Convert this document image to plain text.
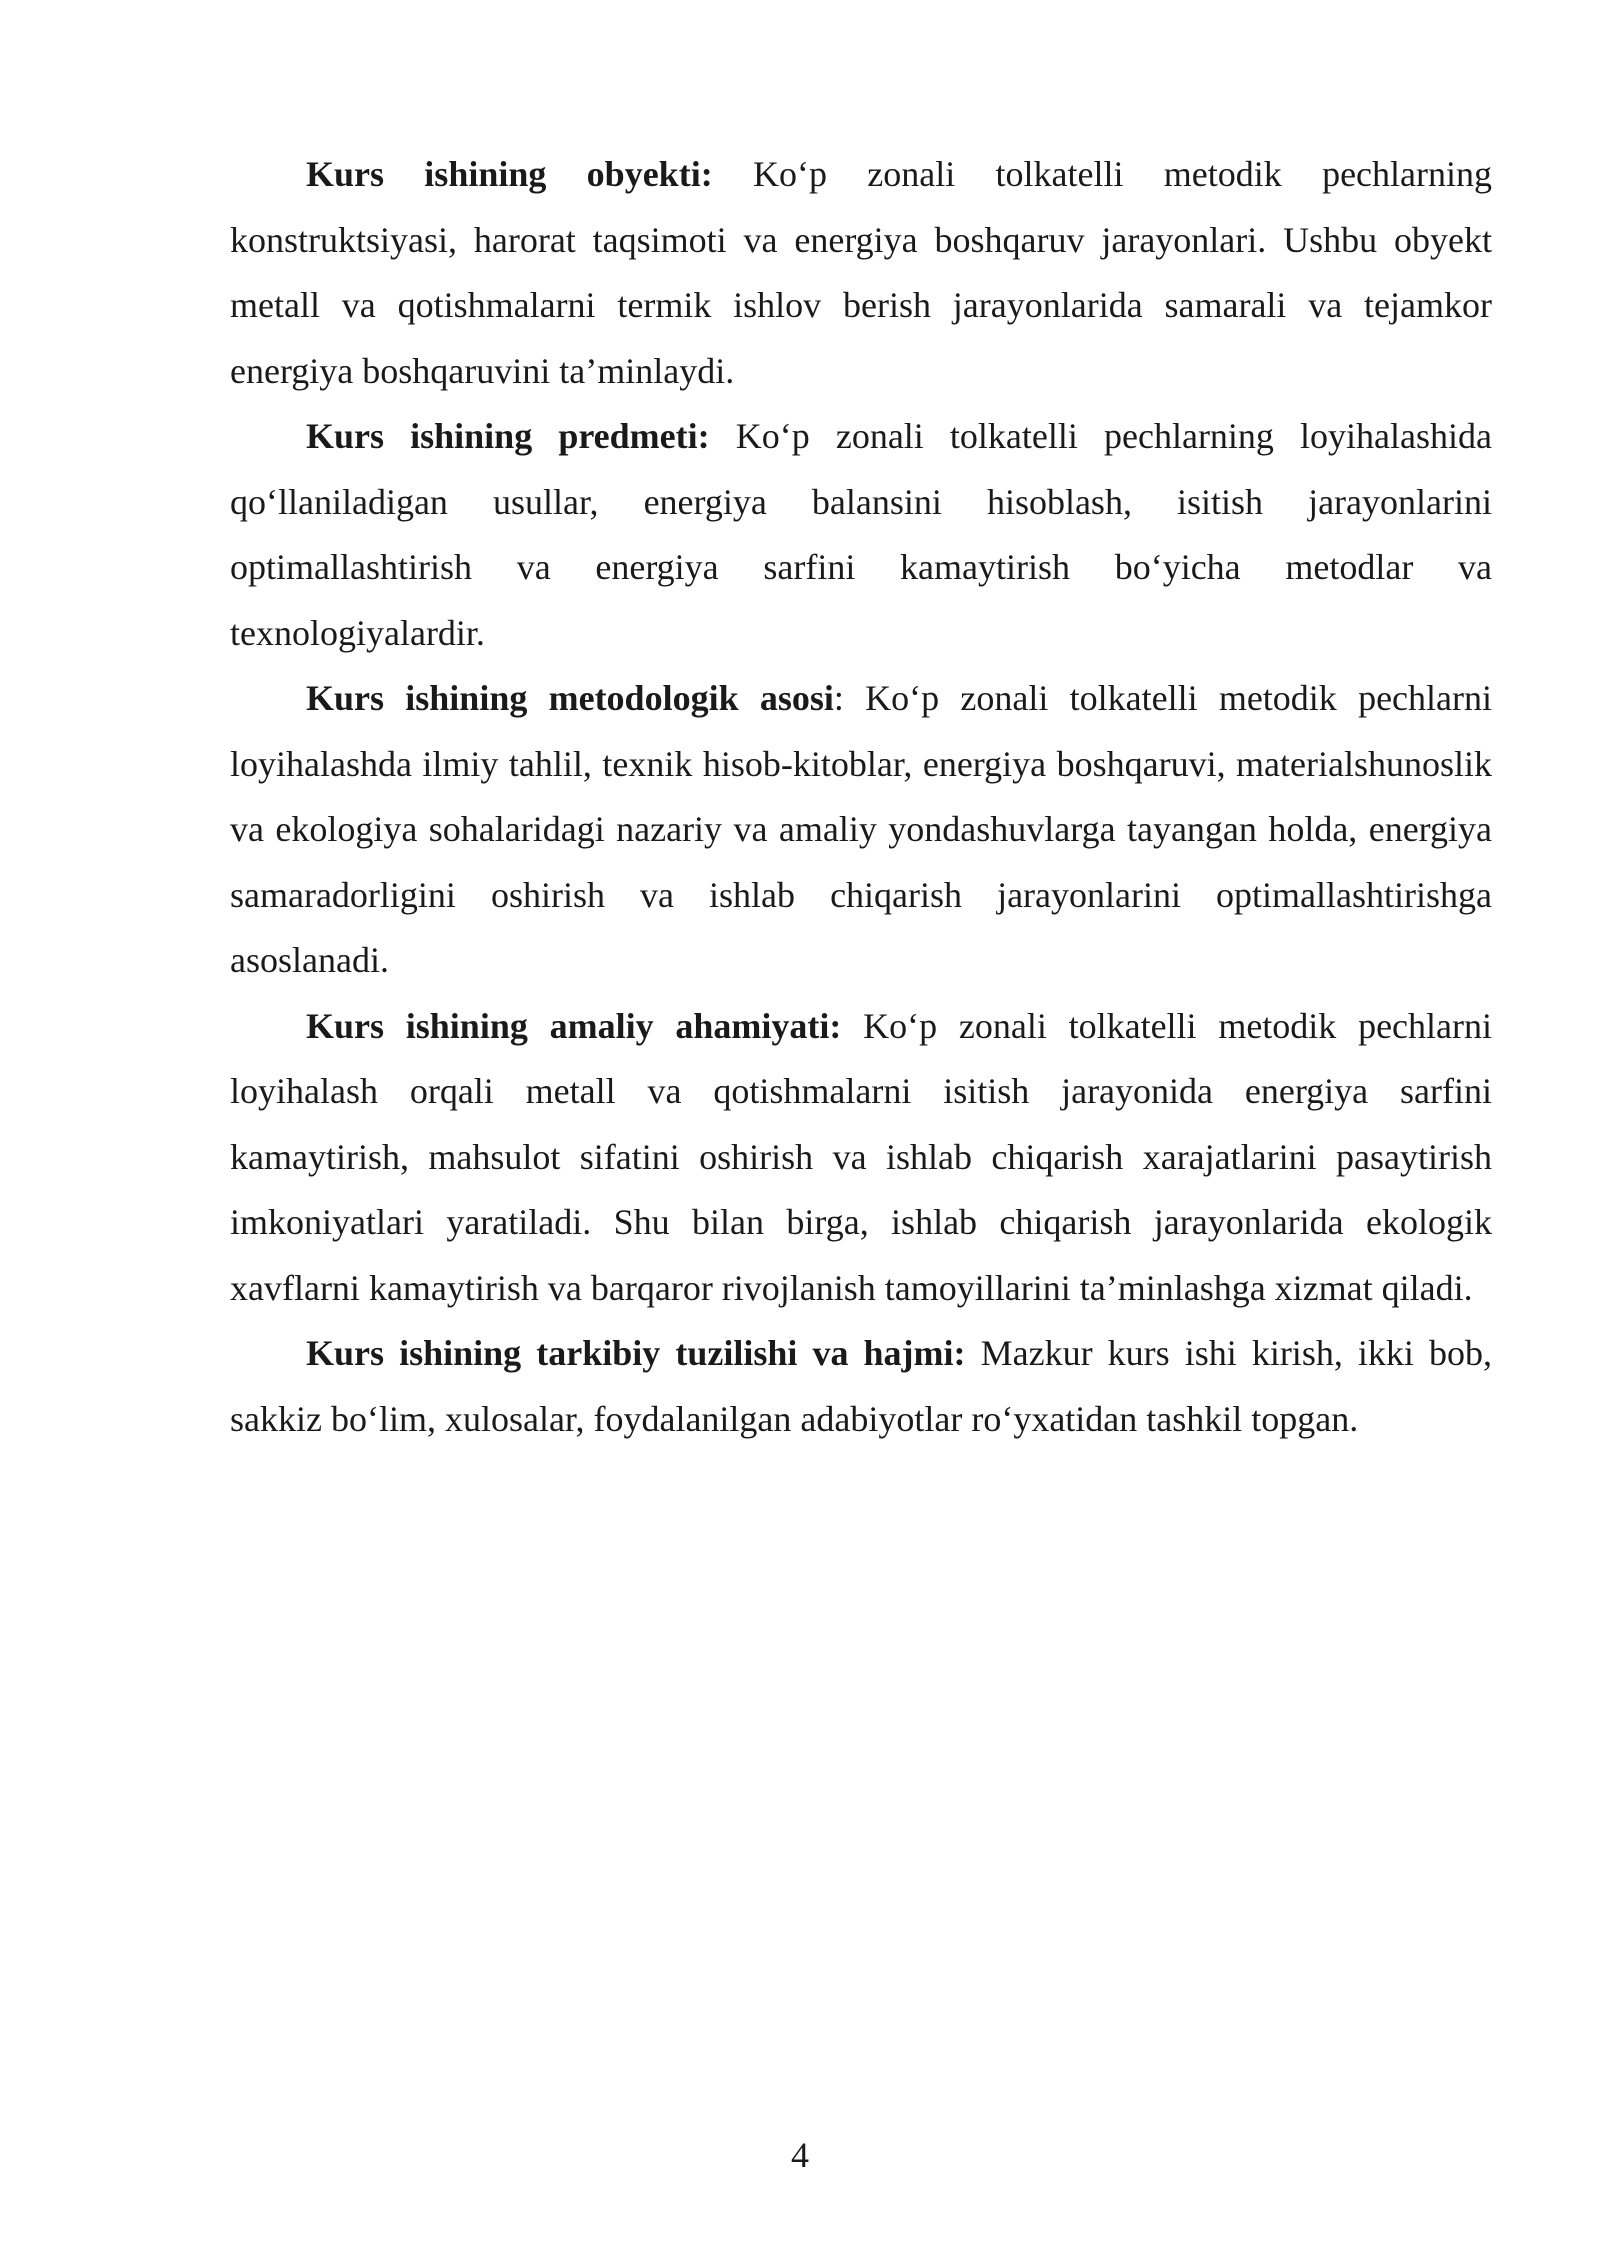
Kurs ishining obyekti: Ko‘p zonali tolkatelli metodik pechlarning konstruktsiyasi, harorat taqsimoti va energiya boshqaruv jarayonlari. Ushbu obyekt metall va qotishmalarni termik ishlov berish jarayonlarida samarali va tejamkor energiya boshqaruvini ta’minlaydi.

Kurs ishining predmeti: Ko‘p zonali tolkatelli pechlarning loyihalashida qo‘llaniladigan usullar, energiya balansini hisoblash, isitish jarayonlarini optimallashtirish va energiya sarfini kamaytirish bo‘yicha metodlar va texnologiyalardir.

Kurs ishining metodologik asosi: Ko‘p zonali tolkatelli metodik pechlarni loyihalashda ilmiy tahlil, texnik hisob-kitoblar, energiya boshqaruvi, materialshunoslik va ekologiya sohalaridagi nazariy va amaliy yondashuvlarga tayangan holda, energiya samaradorligini oshirish va ishlab chiqarish jarayonlarini optimallashtirishga asoslanadi.

Kurs ishining amaliy ahamiyati: Ko‘p zonali tolkatelli metodik pechlarni loyihalash orqali metall va qotishmalarni isitish jarayonida energiya sarfini kamaytirish, mahsulot sifatini oshirish va ishlab chiqarish xarajatlarini pasaytirish imkoniyatlari yaratiladi. Shu bilan birga, ishlab chiqarish jarayonlarida ekologik xavflarni kamaytirish va barqaror rivojlanish tamoyillarini ta’minlashga xizmat qiladi.

Kurs ishining tarkibiy tuzilishi va hajmi: Mazkur kurs ishi kirish, ikki bob, sakkiz bo‘lim, xulosalar, foydalanilgan adabiyotlar ro‘yxatidan tashkil topgan.

4
